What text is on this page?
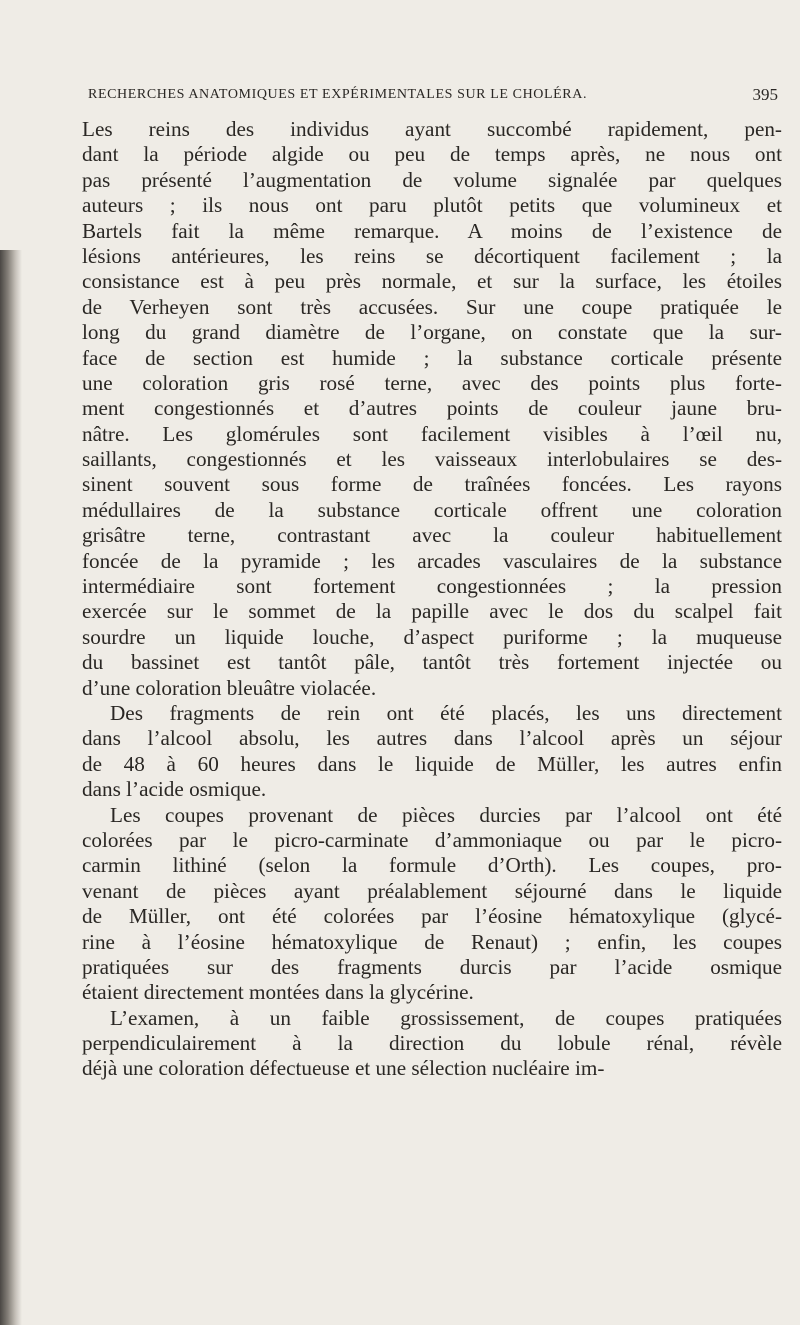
RECHERCHES ANATOMIQUES ET EXPÉRIMENTALES SUR LE CHOLÉRA.	395
Les reins des individus ayant succombé rapidement, pen-
dant la période algide ou peu de temps après, ne nous ont
pas présenté l’augmentation de volume signalée par quelques
auteurs ; ils nous ont paru plutôt petits que volumineux et
Bartels fait la même remarque. A moins de l’existence de
lésions antérieures, les reins se décortiquent facilement ; la
consistance est à peu près normale, et sur la surface, les étoiles
de Verheyen sont très accusées. Sur une coupe pratiquée le
long du grand diamètre de l’organe, on constate que la sur-
face de section est humide ; la substance corticale présente
une coloration gris rosé terne, avec des points plus forte-
ment congestionnés et d’autres points de couleur jaune bru-
nâtre. Les glomérules sont facilement visibles à l’œil nu,
saillants, congestionnés et les vaisseaux interlobulaires se des-
sinent souvent sous forme de traînées foncées. Les rayons
médullaires de la substance corticale offrent une coloration
grisâtre terne, contrastant avec la couleur habituellement
foncée de la pyramide ; les arcades vasculaires de la substance
intermédiaire sont fortement congestionnées ; la pression
exercée sur le sommet de la papille avec le dos du scalpel fait
sourdre un liquide louche, d’aspect puriforme ; la muqueuse
du bassinet est tantôt pâle, tantôt très fortement injectée ou
d’une coloration bleuâtre violacée.
Des fragments de rein ont été placés, les uns directement
dans l’alcool absolu, les autres dans l’alcool après un séjour
de 48 à 60 heures dans le liquide de Müller, les autres enfin
dans l’acide osmique.
Les coupes provenant de pièces durcies par l’alcool ont été
colorées par le picro-carminate d’ammoniaque ou par le picro-
carmin lithiné (selon la formule d’Orth). Les coupes, pro-
venant de pièces ayant préalablement séjourné dans le liquide
de Müller, ont été colorées par l’éosine hématoxylique (glycé-
rine à l’éosine hématoxylique de Renaut) ; enfin, les coupes
pratiquées sur des fragments durcis par l’acide osmique
étaient directement montées dans la glycérine.
L’examen, à un faible grossissement, de coupes pratiquées
perpendiculairement à la direction du lobule rénal, révèle
déjà une coloration défectueuse et une sélection nucléaire im-
